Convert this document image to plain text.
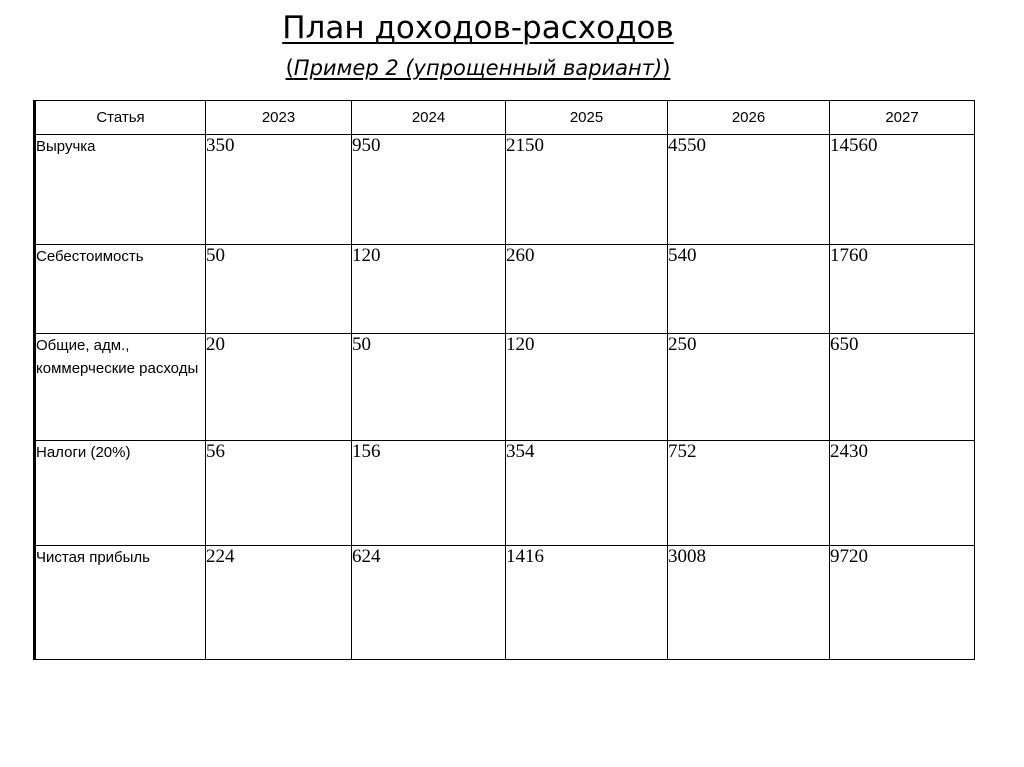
План доходов-расходов
(Пример 2 (упрощенный вариант))
Статья	2023	2024	2025	2026	2027
Выручка	350	950	2150	4550	14560
Себестоимость	50	120	260	540	1760
Общие, адм., коммерческие расходы	20	50	120	250	650
Налоги (20%)	56	156	354	752	2430
Чистая прибыль	224	624	1416	3008	9720
